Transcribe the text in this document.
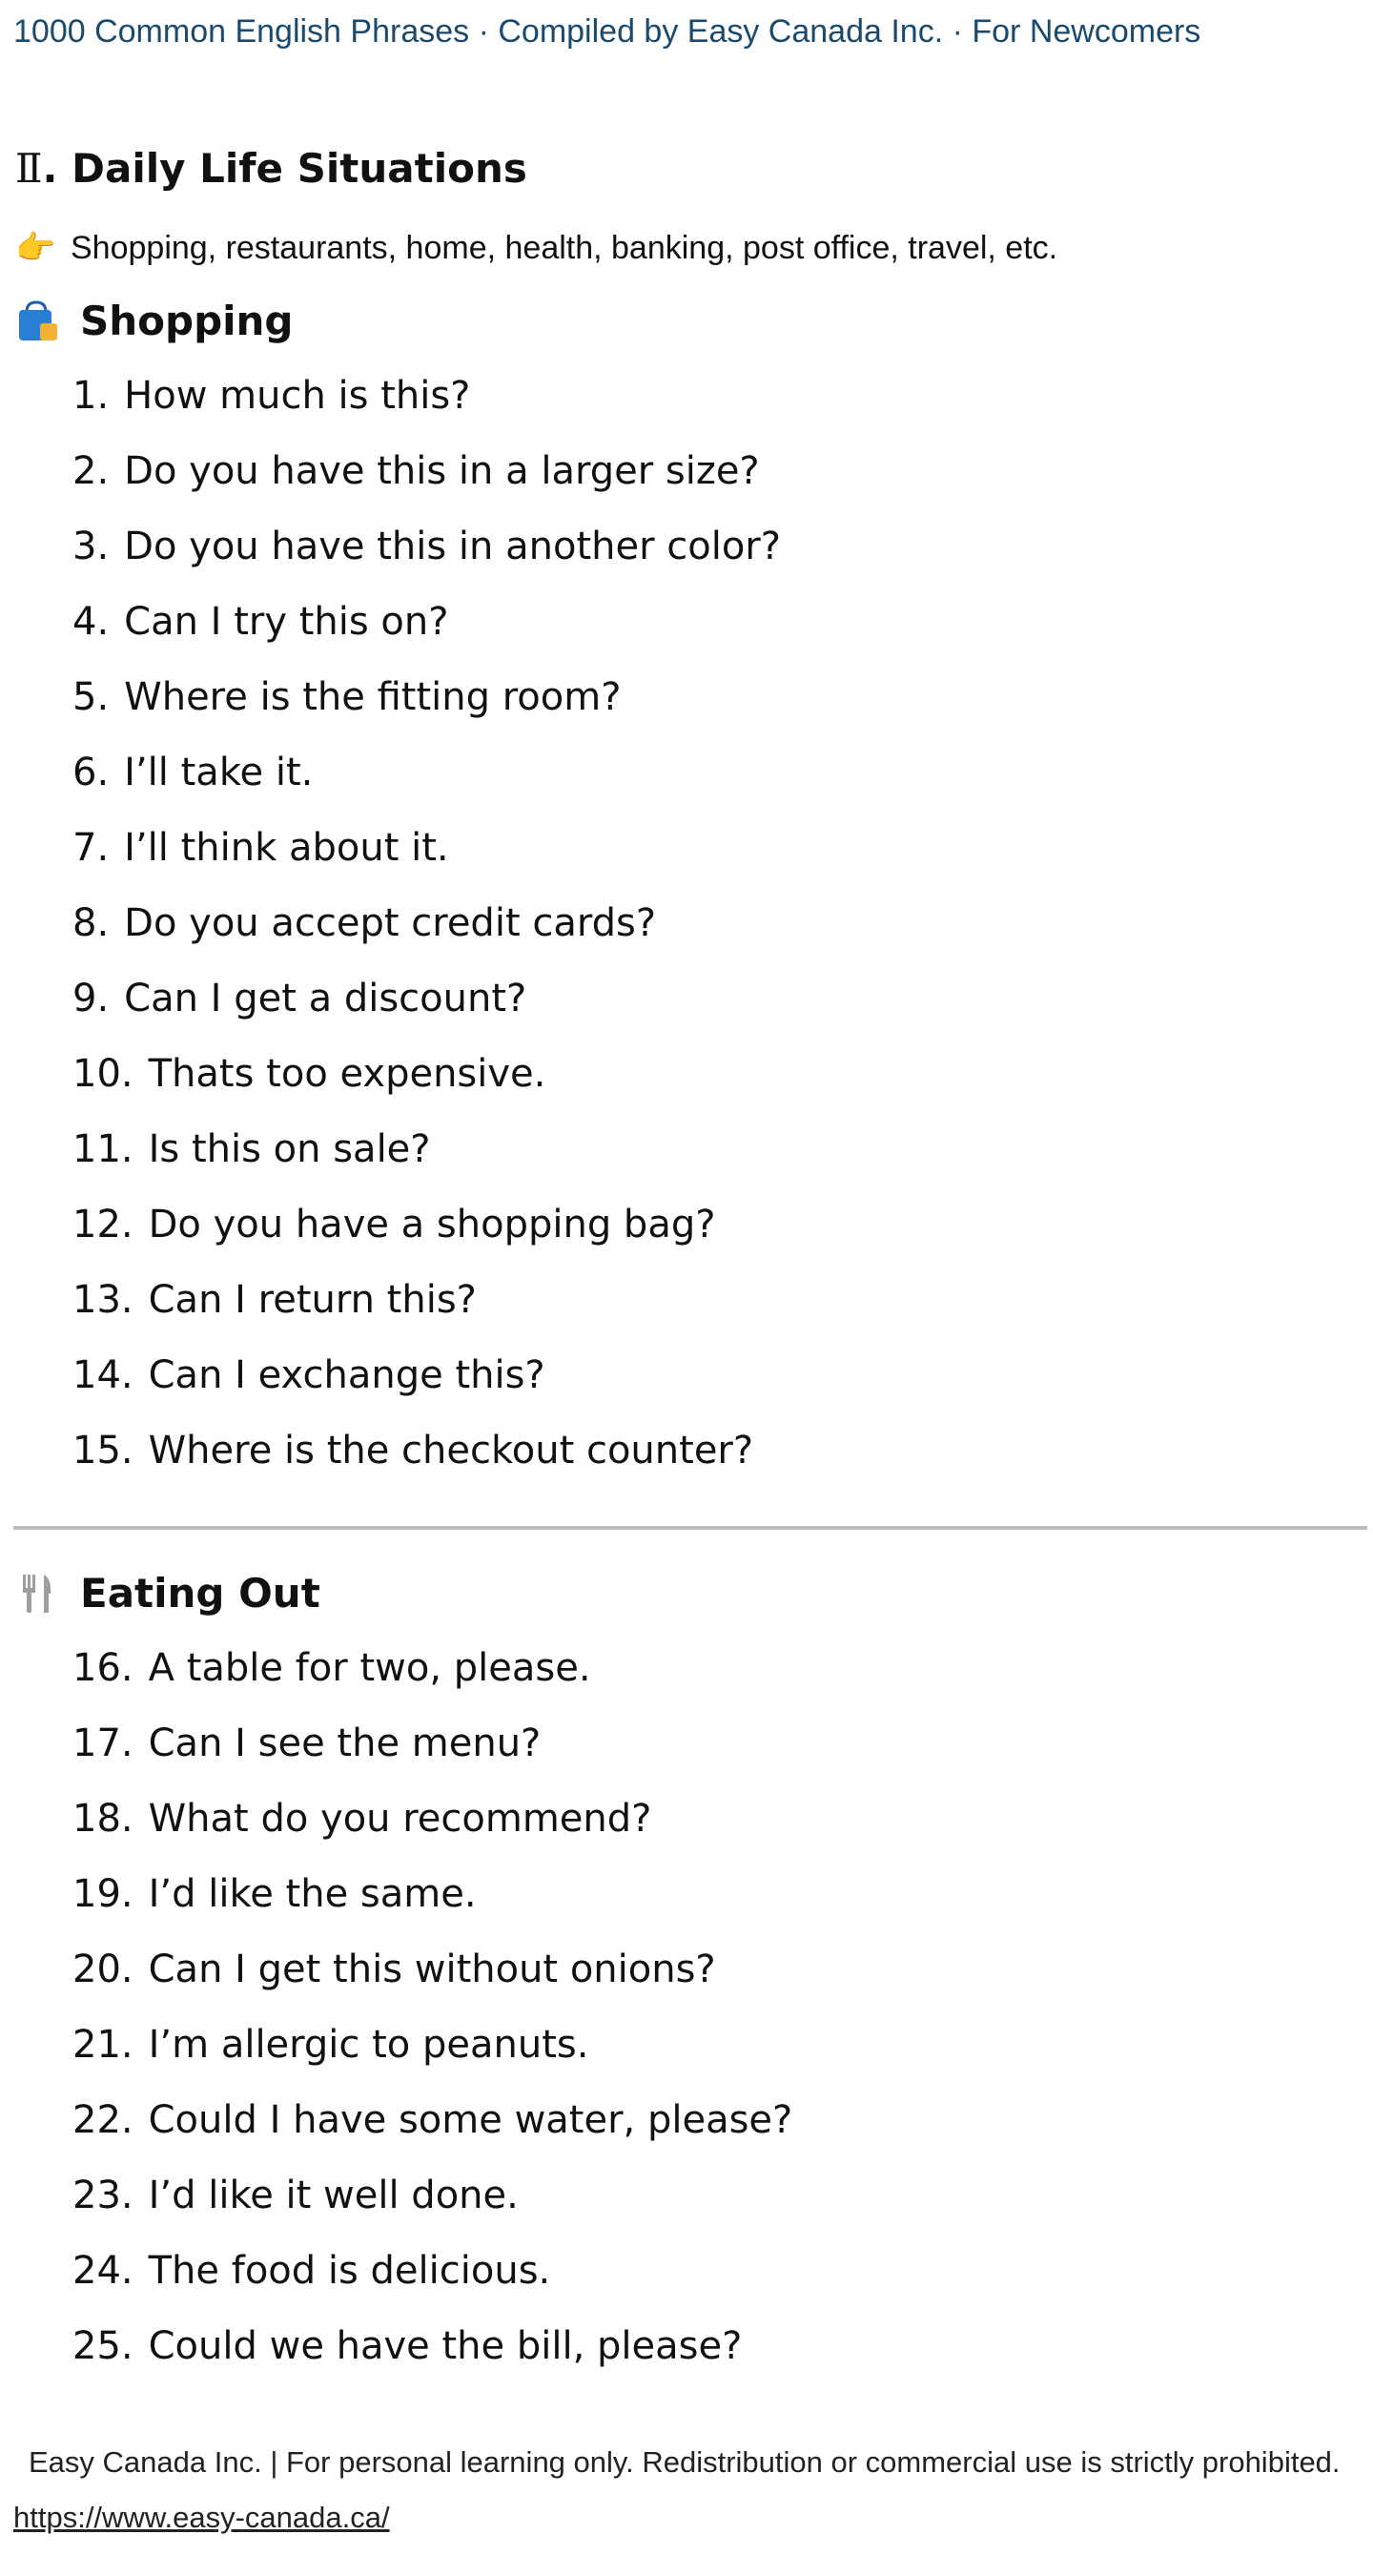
1000 Common English Phrases · Compiled by Easy Canada Inc. · For Newcomers
Ⅱ. Daily Life Situations
👉 Shopping, restaurants, home, health, banking, post office, travel, etc.
Shopping
1. How much is this?
2. Do you have this in a larger size?
3. Do you have this in another color?
4. Can I try this on?
5. Where is the fitting room?
6. I’ll take it.
7. I’ll think about it.
8. Do you accept credit cards?
9. Can I get a discount?
10. Thats too expensive.
11. Is this on sale?
12. Do you have a shopping bag?
13. Can I return this?
14. Can I exchange this?
15. Where is the checkout counter?
Eating Out
16. A table for two, please.
17. Can I see the menu?
18. What do you recommend?
19. I’d like the same.
20. Can I get this without onions?
21. I’m allergic to peanuts.
22. Could I have some water, please?
23. I’d like it well done.
24. The food is delicious.
25. Could we have the bill, please?
Easy Canada Inc. | For personal learning only. Redistribution or commercial use is strictly prohibited.
https://www.easy-canada.ca/
